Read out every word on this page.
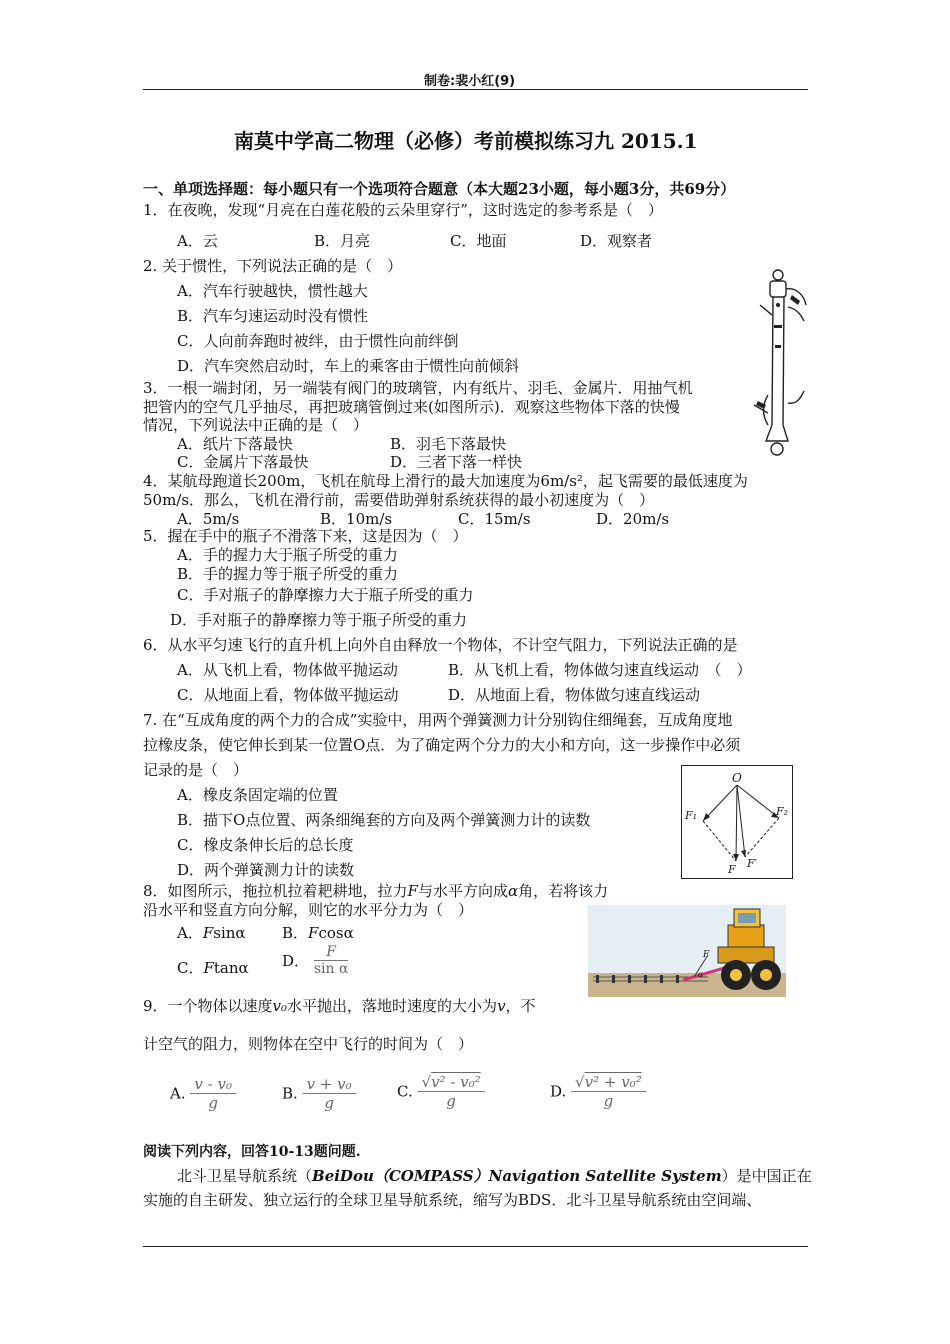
制卷:裴小红(9)
南莫中学高二物理（必修）考前模拟练习九 2015.1
一、单项选择题：每小题只有一个选项符合题意（本大题23小题，每小题3分，共69分）
1．在夜晚，发现“月亮在白莲花般的云朵里穿行”，这时选定的参考系是（　）
A．云	B．月亮	C．地面	D．观察者
2. 关于惯性，下列说法正确的是（　）
A．汽车行驶越快，惯性越大
B．汽车匀速运动时没有惯性
C．人向前奔跑时被绊，由于惯性向前绊倒
D．汽车突然启动时，车上的乘客由于惯性向前倾斜
3．一根一端封闭，另一端装有阀门的玻璃管，内有纸片、羽毛、金属片．用抽气机
把管内的空气几乎抽尽，再把玻璃管倒过来(如图所示)．观察这些物体下落的快慢
情况，下列说法中正确的是（　）
A．纸片下落最快	B．羽毛下落最快
C．金属片下落最快	D．三者下落一样快
4．某航母跑道长200m，飞机在航母上滑行的最大加速度为6m/s²，起飞需要的最低速度为
50m/s．那么，飞机在滑行前，需要借助弹射系统获得的最小初速度为（　）
A．5m/s	B．10m/s	C．15m/s	D．20m/s
5．握在手中的瓶子不滑落下来，这是因为（　）
A．手的握力大于瓶子所受的重力
B．手的握力等于瓶子所受的重力
C．手对瓶子的静摩擦力大于瓶子所受的重力
D．手对瓶子的静摩擦力等于瓶子所受的重力
6．从水平匀速飞行的直升机上向外自由释放一个物体，不计空气阻力，下列说法正确的是
A．从飞机上看，物体做平抛运动	B．从飞机上看，物体做匀速直线运动　（　）
C．从地面上看，物体做平抛运动	D．从地面上看，物体做匀速直线运动
7. 在“互成角度的两个力的合成”实验中，用两个弹簧测力计分别钩住细绳套，互成角度地
拉橡皮条，使它伸长到某一位置O点．为了确定两个分力的大小和方向，这一步操作中必须
记录的是（　）
A．橡皮条固定端的位置
B．描下O点位置、两条细绳套的方向及两个弹簧测力计的读数
C．橡皮条伸长后的总长度
D．两个弹簧测力计的读数
O
F₁	F₂
F F′
8．如图所示，拖拉机拉着耙耕地，拉力F与水平方向成α角，若将该力
沿水平和竖直方向分解，则它的水平分力为（　）
A．Fsinα B．Fcosα
C．Ftanα D． $\frac{F}{\text{sin α}}$	F
α
9．一个物体以速度v₀水平抛出，落地时速度的大小为v，不
计空气的阻力，则物体在空中飞行的时间为（　）
A. $\frac{\text{v - v₀}}{g}$	B. $\frac{\text{v + v₀}}{g}$	C. $\frac{\text{√v² - v₀²}}{g}$	D. $\frac{\text{√v² + v₀²}}{g}$
阅读下列内容，回答10-13题问题.
北斗卫星导航系统（BeiDou（COMPASS）Navigation Satellite System）是中国正在
实施的自主研发、独立运行的全球卫星导航系统，缩写为BDS．北斗卫星导航系统由空间端、
